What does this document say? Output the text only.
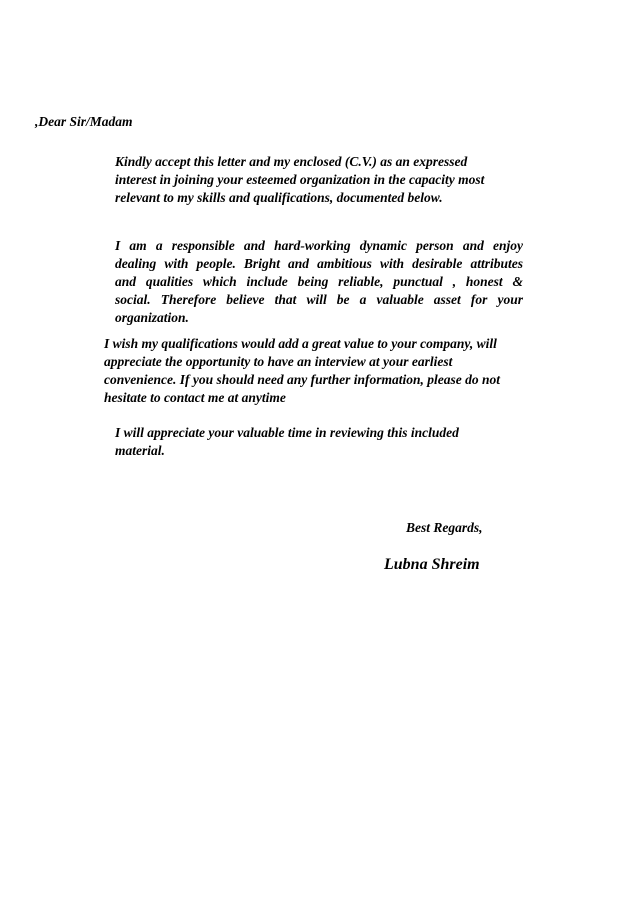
,Dear Sir/Madam
Kindly accept this letter and my enclosed (C.V.) as an expressed
interest in joining your esteemed organization in the capacity most
relevant to my skills and qualifications, documented below.
I am a responsible and hard-working dynamic person and enjoy
dealing with people. Bright and ambitious with desirable attributes
and qualities which include being reliable, punctual , honest &
social. Therefore believe that will be a valuable asset for your
organization.
I wish my qualifications would add a great value to your company, will
appreciate the opportunity to have an interview at your earliest
convenience. If you should need any further information, please do not
hesitate to contact me at anytime
I will appreciate your valuable time in reviewing this included
material.
Best Regards,
Lubna Shreim
